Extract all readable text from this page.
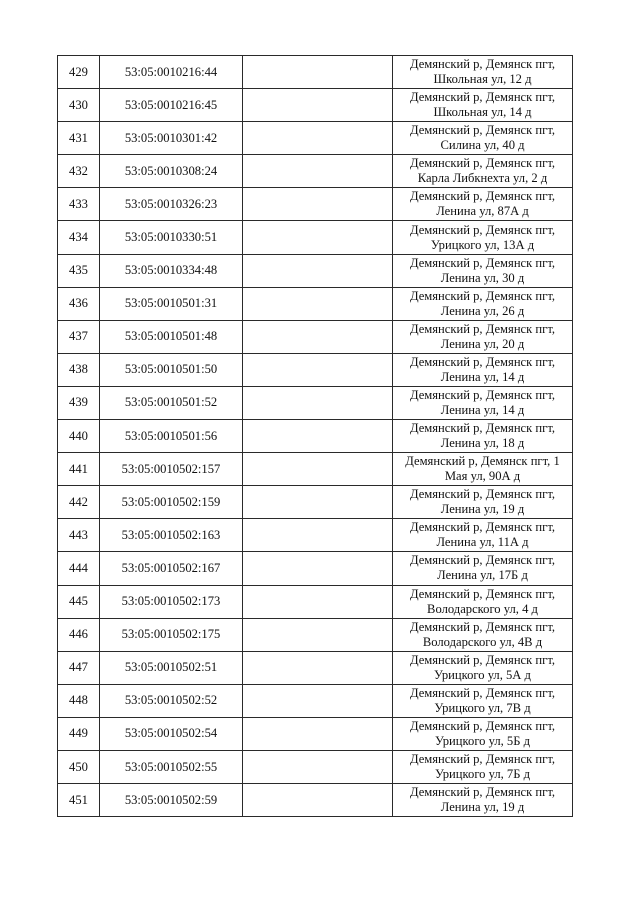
429	53:05:0010216:44		Демянский р, Демянск пгт,
Школьная ул, 12 д

430	53:05:0010216:45		Демянский р, Демянск пгт,
Школьная ул, 14 д

431	53:05:0010301:42		Демянский р, Демянск пгт,
Силина ул, 40 д

432	53:05:0010308:24		Демянский р, Демянск пгт,
Карла Либкнехта ул, 2 д

433	53:05:0010326:23		Демянский р, Демянск пгт,
Ленина ул, 87А д

434	53:05:0010330:51		Демянский р, Демянск пгт,
Урицкого ул, 13А д

435	53:05:0010334:48		Демянский р, Демянск пгт,
Ленина ул, 30 д

436	53:05:0010501:31		Демянский р, Демянск пгт,
Ленина ул, 26 д

437	53:05:0010501:48		Демянский р, Демянск пгт,
Ленина ул, 20 д

438	53:05:0010501:50		Демянский р, Демянск пгт,
Ленина ул, 14 д

439	53:05:0010501:52		Демянский р, Демянск пгт,
Ленина ул, 14 д

440	53:05:0010501:56		Демянский р, Демянск пгт,
Ленина ул, 18 д

441	53:05:0010502:157		Демянский р, Демянск пгт, 1
Мая ул, 90А д

442	53:05:0010502:159		Демянский р, Демянск пгт,
Ленина ул, 19 д

443	53:05:0010502:163		Демянский р, Демянск пгт,
Ленина ул, 11А д

444	53:05:0010502:167		Демянский р, Демянск пгт,
Ленина ул, 17Б д

445	53:05:0010502:173		Демянский р, Демянск пгт,
Володарского ул, 4 д

446	53:05:0010502:175		Демянский р, Демянск пгт,
Володарского ул, 4В д

447	53:05:0010502:51		Демянский р, Демянск пгт,
Урицкого ул, 5А д

448	53:05:0010502:52		Демянский р, Демянск пгт,
Урицкого ул, 7В д

449	53:05:0010502:54		Демянский р, Демянск пгт,
Урицкого ул, 5Б д

450	53:05:0010502:55		Демянский р, Демянск пгт,
Урицкого ул, 7Б д

451	53:05:0010502:59		Демянский р, Демянск пгт,
Ленина ул, 19 д
